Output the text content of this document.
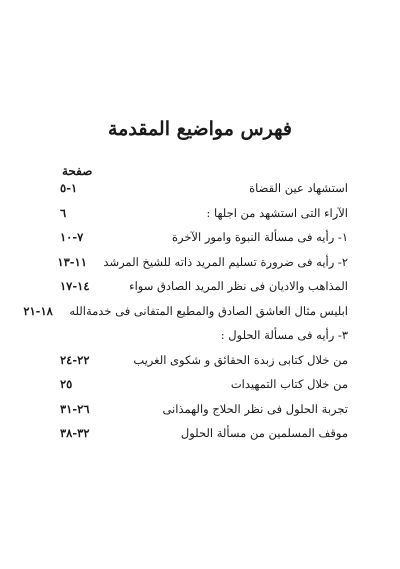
فهرس مواضيع المقدمة
صفحة
استشهاد عين القضاة
١-٥
الآراء التى استشهد من اجلها :
٦
١- رأيه فى مسألة النبوة وامور الآخرة
٧-١٠
٢- رأيه فى ضرورة تسليم المريد ذاته للشيخ المرشد
١١-١٣
المذاهب والاديان فى نظر المريد الصادق سواء
١٤-١٧
ابليس مثال العاشق الصادق والمطيع المتفانى فى خدمةالله
١٨-٢١
٣- رأيه فى مسألة الحلول :
من خلال كتابى زبدة الحقائق و شكوى الغريب
٢٢-٢٤
من خلال كتاب التمهيدات
٢٥
تجربة الحلول فى نظر الحلاج والهمذانى
٢٦-٣١
موقف المسلمين من مسألة الحلول
٣٢-٣٨
